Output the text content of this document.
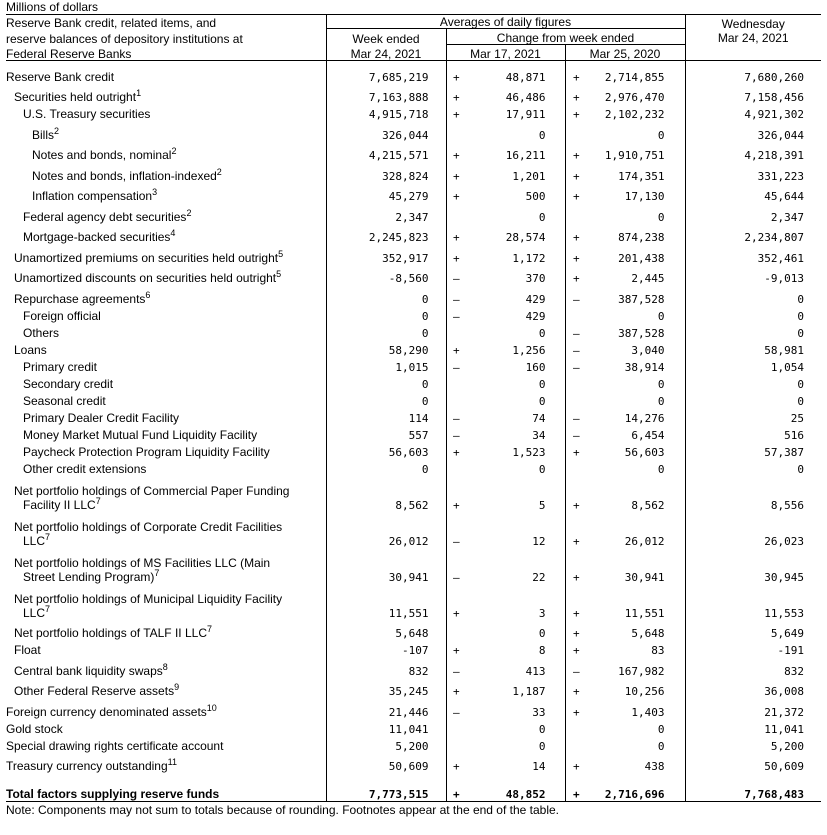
Millions of dollars
Reserve Bank credit, related items, and	Averages of daily figures					Wednesday
Mar 24, 2021

reserve balances of depository institutions at	Week ended	Change from week ended				
Federal Reserve Banks	Mar 24, 2021	Mar 17, 2021		Mar 25, 2020		

Reserve Bank credit	7,685,219	+	48,871	+	2,714,855	7,680,260
Securities held outright$^1$	7,163,888	+	46,486	+	2,976,470	7,158,456
U.S. Treasury securities	4,915,718	+	17,911	+	2,102,232	4,921,302
Bills$^2$	326,044		0		0	326,044
Notes and bonds, nominal$^2$	4,215,571	+	16,211	+	1,910,751	4,218,391
Notes and bonds, inflation-indexed$^2$	328,824	+	1,201	+	174,351	331,223
Inflation compensation$^3$	45,279	+	500	+	17,130	45,644
Federal agency debt securities$^2$	2,347		0		0	2,347
Mortgage-backed securities$^4$	2,245,823	+	28,574	+	874,238	2,234,807
Unamortized premiums on securities held outright$^5$	352,917	+	1,172	+	201,438	352,461
Unamortized discounts on securities held outright$^5$	-8,560	–	370	+	2,445	-9,013
Repurchase agreements$^6$	0	–	429	–	387,528	0
Foreign official	0	–	429		0	0
Others	0		0	–	387,528	0
Loans	58,290	+	1,256	–	3,040	58,981
Primary credit	1,015	–	160	–	38,914	1,054
Secondary credit	0		0		0	0
Seasonal credit	0		0		0	0
Primary Dealer Credit Facility	114	–	74	–	14,276	25
Money Market Mutual Fund Liquidity Facility	557	–	34	–	6,454	516
Paycheck Protection Program Liquidity Facility	56,603	+	1,523	+	56,603	57,387
Other credit extensions	0		0		0	0

Net portfolio holdings of Commercial Paper Funding
Facility II LLC$^7$	8,562	+	5	+	8,562	8,556

Net portfolio holdings of Corporate Credit Facilities
LLC$^7$	26,012	–	12	+	26,012	26,023

Net portfolio holdings of MS Facilities LLC (Main
Street Lending Program)$^7$	30,941	–	22	+	30,941	30,945

Net portfolio holdings of Municipal Liquidity Facility
LLC$^7$	11,551	+	3	+	11,551	11,553
Net portfolio holdings of TALF II LLC$^7$	5,648		0	+	5,648	5,649
Float	-107	+	8	+	83	-191
Central bank liquidity swaps$^8$	832	–	413	–	167,982	832
Other Federal Reserve assets$^9$	35,245	+	1,187	+	10,256	36,008
Foreign currency denominated assets$^{10}$	21,446	–	33	+	1,403	21,372
Gold stock	11,041		0		0	11,041
Special drawing rights certificate account	5,200		0		0	5,200
Treasury currency outstanding$^{11}$	50,609	+	14	+	438	50,609

Total factors supplying reserve funds	7,773,515	+	48,852	+	2,716,696	7,768,483
Note: Components may not sum to totals because of rounding. Footnotes appear at the end of the table.
